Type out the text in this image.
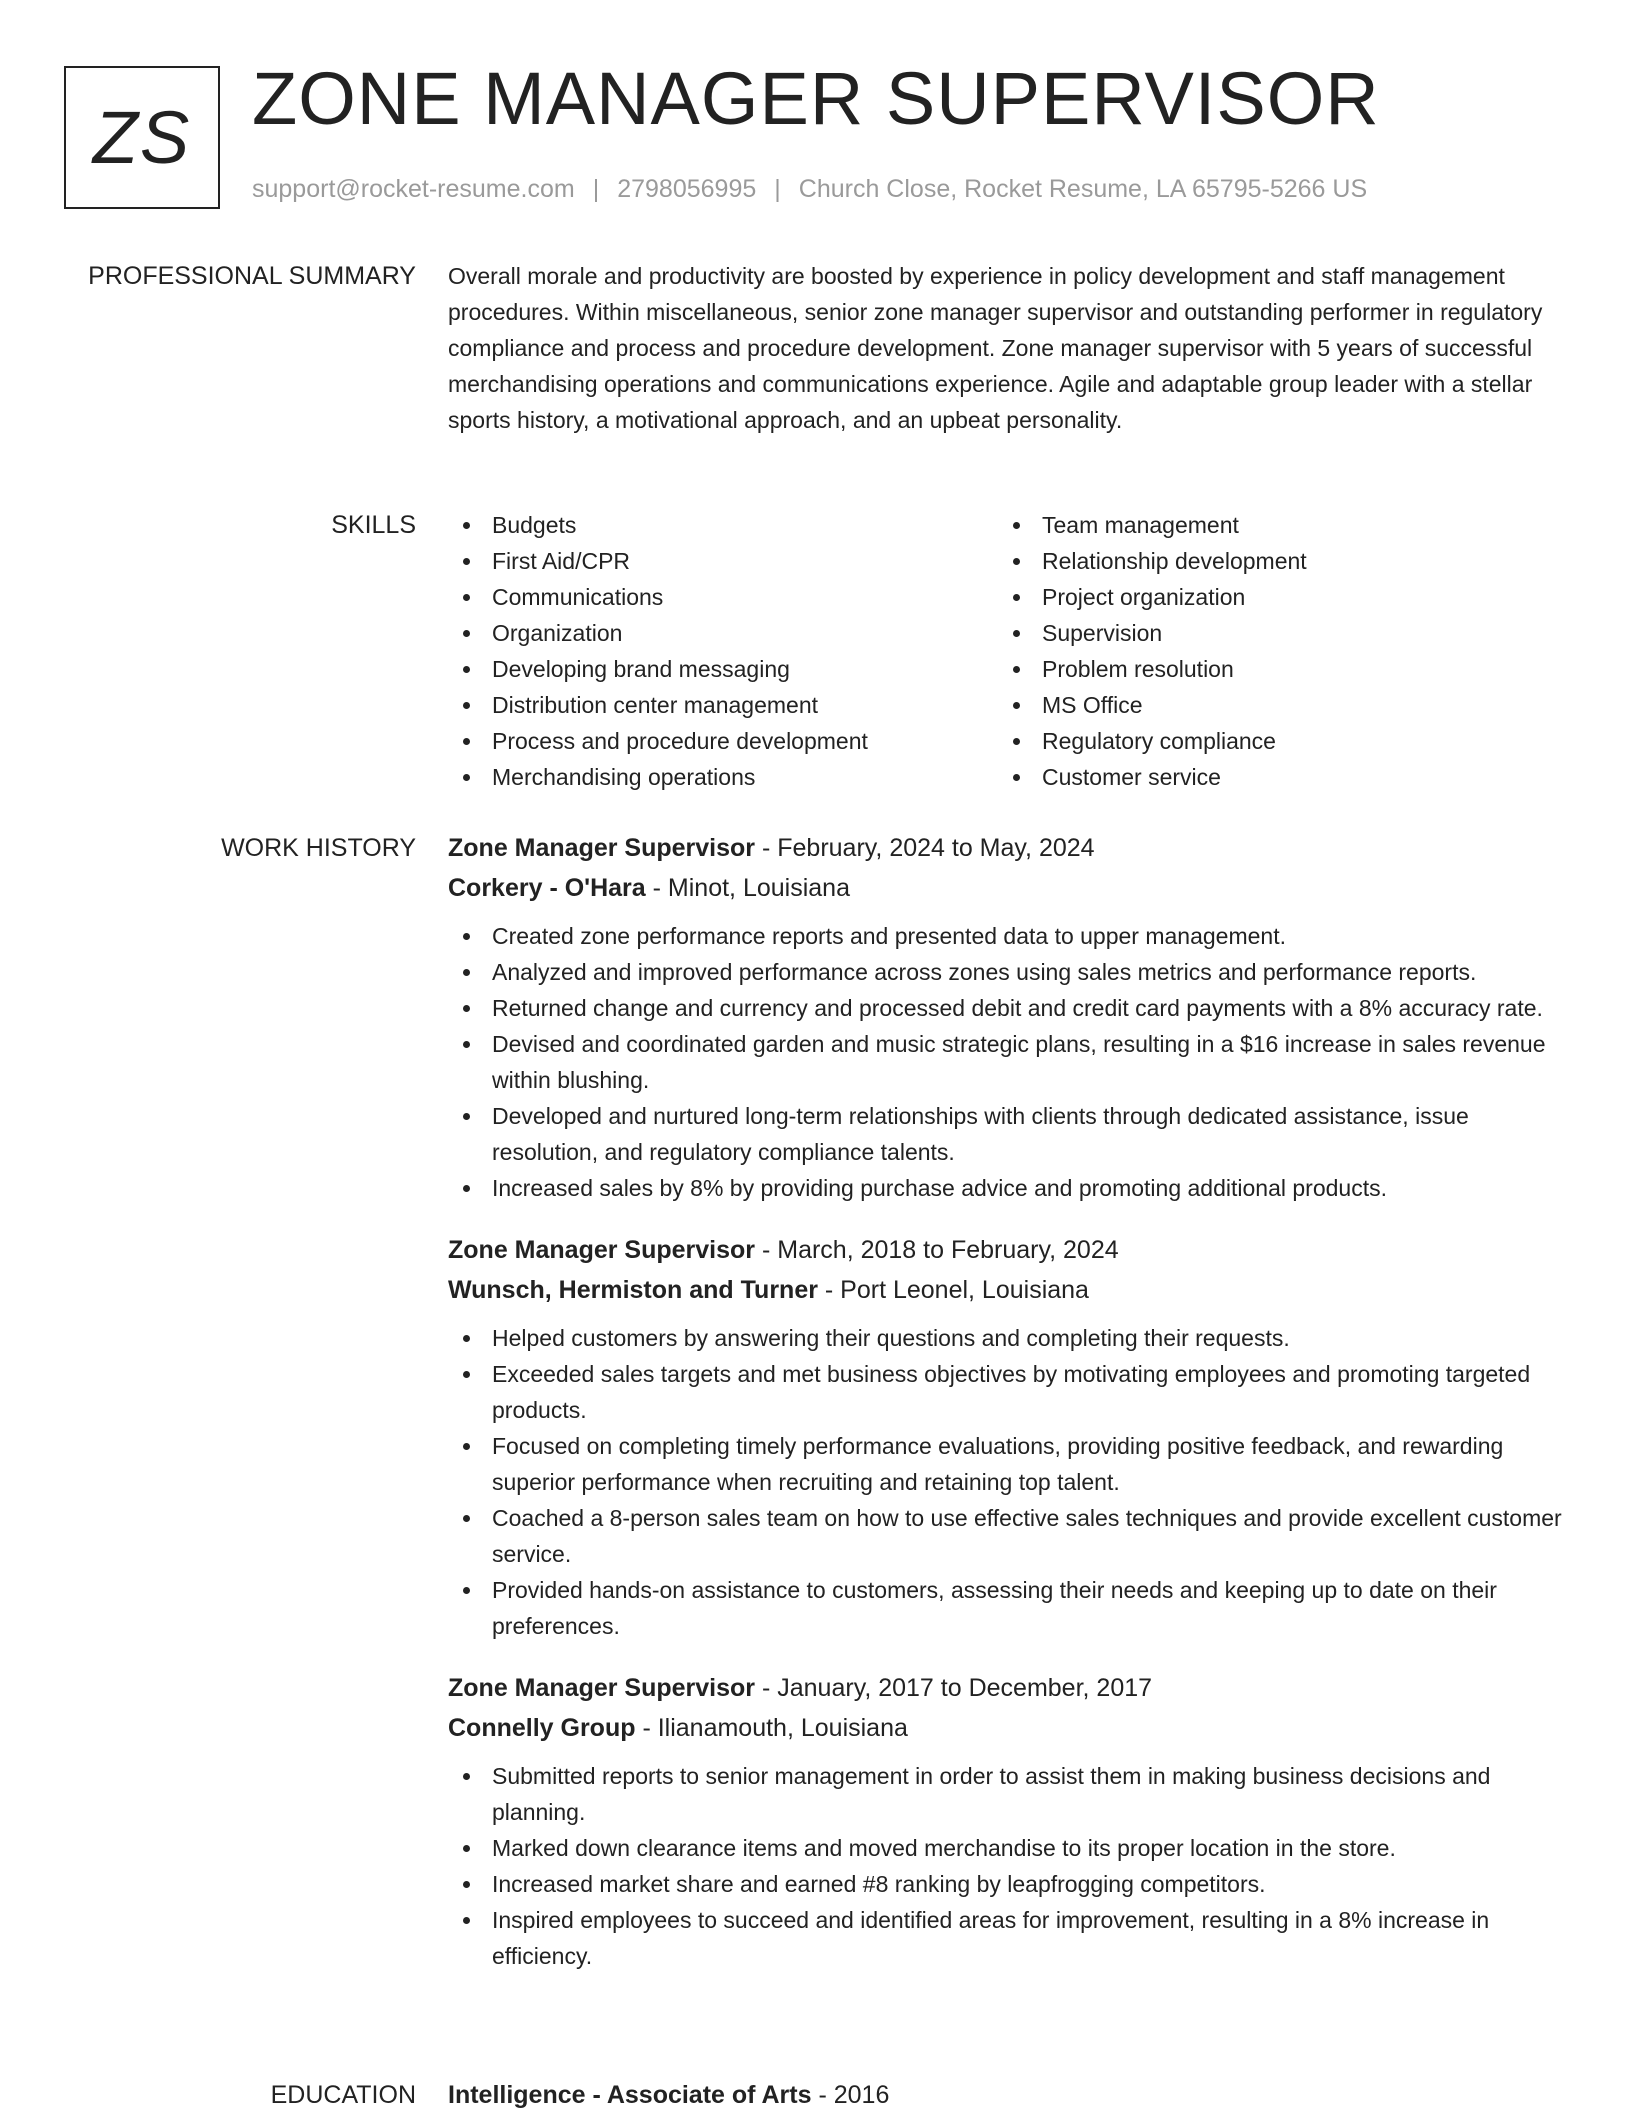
ZS ZONE MANAGER SUPERVISOR
support@rocket-resume.com | 2798056995 | Church Close, Rocket Resume, LA 65795-5266 US
PROFESSIONAL SUMMARY Overall morale and productivity are boosted by experience in policy development and staff management procedures. Within miscellaneous, senior zone manager supervisor and outstanding performer in regulatory compliance and process and procedure development. Zone manager supervisor with 5 years of successful merchandising operations and communications experience. Agile and adaptable group leader with a stellar sports history, a motivational approach, and an upbeat personality.
SKILLS	Budgets
First Aid/CPR
Communications
Organization
Developing brand messaging
Distribution center management
Process and procedure development
Merchandising operations
Team management
Relationship development
Project organization
Supervision
Problem resolution
MS Office
Regulatory compliance
Customer service
WORK HISTORY Zone Manager Supervisor - February, 2024 to May, 2024
Corkery - O'Hara - Minot, Louisiana
Created zone performance reports and presented data to upper management.
Analyzed and improved performance across zones using sales metrics and performance reports.
Returned change and currency and processed debit and credit card payments with a 8% accuracy rate.
Devised and coordinated garden and music strategic plans, resulting in a $16 increase in sales revenue within blushing.
Developed and nurtured long-term relationships with clients through dedicated assistance, issue resolution, and regulatory compliance talents.
Increased sales by 8% by providing purchase advice and promoting additional products.
Zone Manager Supervisor - March, 2018 to February, 2024
Wunsch, Hermiston and Turner - Port Leonel, Louisiana
Helped customers by answering their questions and completing their requests.
Exceeded sales targets and met business objectives by motivating employees and promoting targeted products.
Focused on completing timely performance evaluations, providing positive feedback, and rewarding superior performance when recruiting and retaining top talent.
Coached a 8-person sales team on how to use effective sales techniques and provide excellent customer service.
Provided hands-on assistance to customers, assessing their needs and keeping up to date on their preferences.
Zone Manager Supervisor - January, 2017 to December, 2017
Connelly Group - Ilianamouth, Louisiana
Submitted reports to senior management in order to assist them in making business decisions and planning.
Marked down clearance items and moved merchandise to its proper location in the store.
Increased market share and earned #8 ranking by leapfrogging competitors.
Inspired employees to succeed and identified areas for improvement, resulting in a 8% increase in efficiency.
EDUCATION Intelligence - Associate of Arts - 2016
